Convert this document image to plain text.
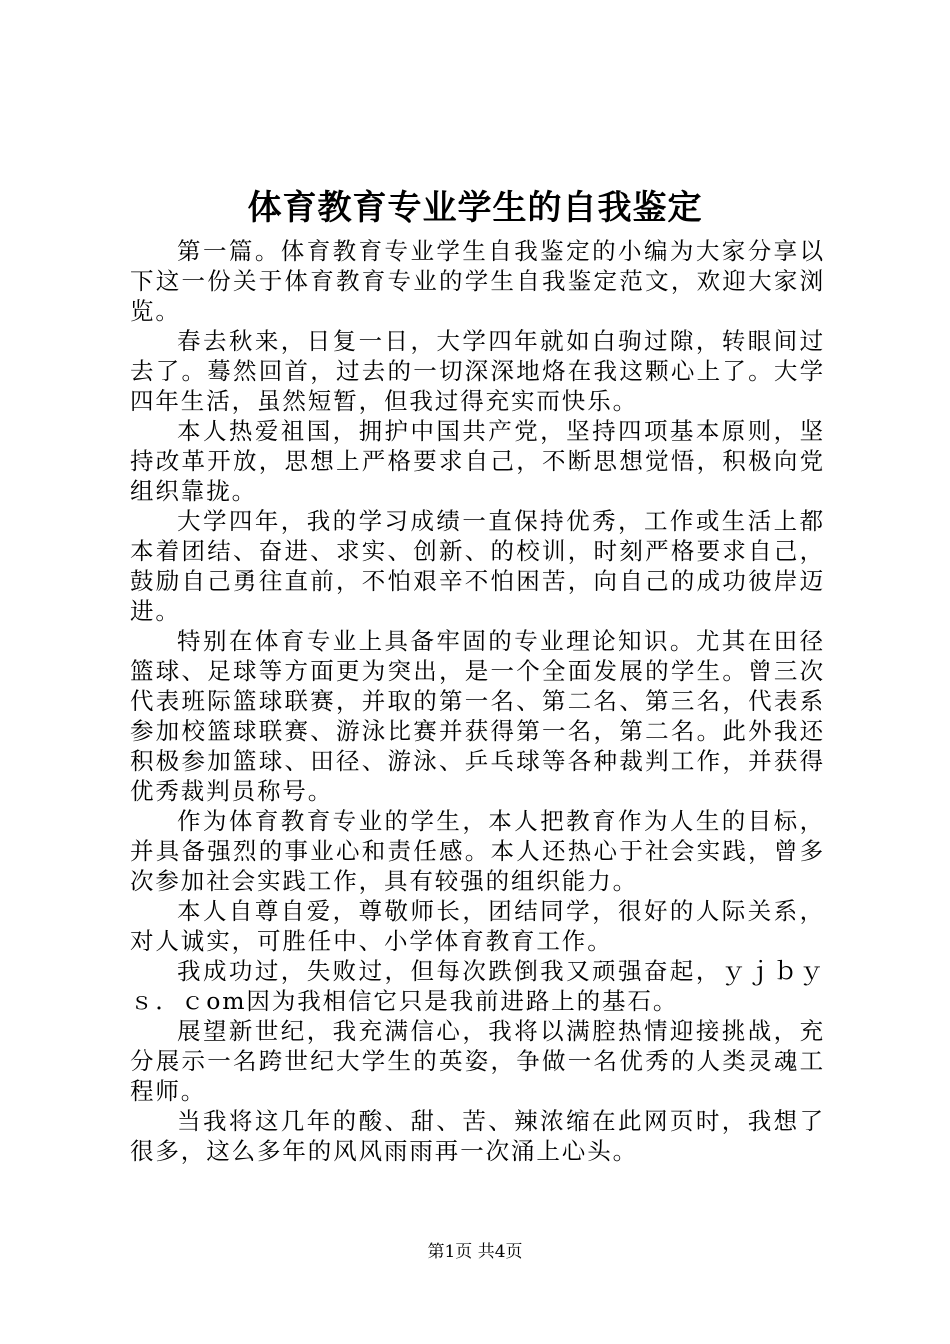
体育教育专业学生的自我鉴定

第一篇。体育教育专业学生自我鉴定的小编为大家分享以下这一份关于体育教育专业的学生自我鉴定范文，欢迎大家浏览。

春去秋来，日复一日，大学四年就如白驹过隙，转眼间过去了。蓦然回首，过去的一切深深地烙在我这颗心上了。大学四年生活，虽然短暂，但我过得充实而快乐。

本人热爱祖国，拥护中国共产党，坚持四项基本原则，坚持改革开放，思想上严格要求自己，不断思想觉悟，积极向党组织靠拢。

大学四年，我的学习成绩一直保持优秀，工作或生活上都本着团结、奋进、求实、创新、的校训，时刻严格要求自己，鼓励自己勇往直前，不怕艰辛不怕困苦，向自己的成功彼岸迈进。

特别在体育专业上具备牢固的专业理论知识。尤其在田径篮球、足球等方面更为突出，是一个全面发展的学生。曾三次代表班际篮球联赛，并取的第一名、第二名、第三名，代表系参加校篮球联赛、游泳比赛并获得第一名，第二名。此外我还积极参加篮球、田径、游泳、乒乓球等各种裁判工作，并获得优秀裁判员称号。

作为体育教育专业的学生，本人把教育作为人生的目标，并具备强烈的事业心和责任感。本人还热心于社会实践，曾多次参加社会实践工作，具有较强的组织能力。

本人自尊自爱，尊敬师长，团结同学，很好的人际关系，对人诚实，可胜任中、小学体育教育工作。

我成功过，失败过，但每次跌倒我又顽强奋起，ｙｊｂｙｓ．ｃom因为我相信它只是我前进路上的基石。

展望新世纪，我充满信心，我将以满腔热情迎接挑战，充分展示一名跨世纪大学生的英姿，争做一名优秀的人类灵魂工程师。

当我将这几年的酸、甜、苦、辣浓缩在此网页时，我想了很多，这么多年的风风雨雨再一次涌上心头。

第1页 共4页
